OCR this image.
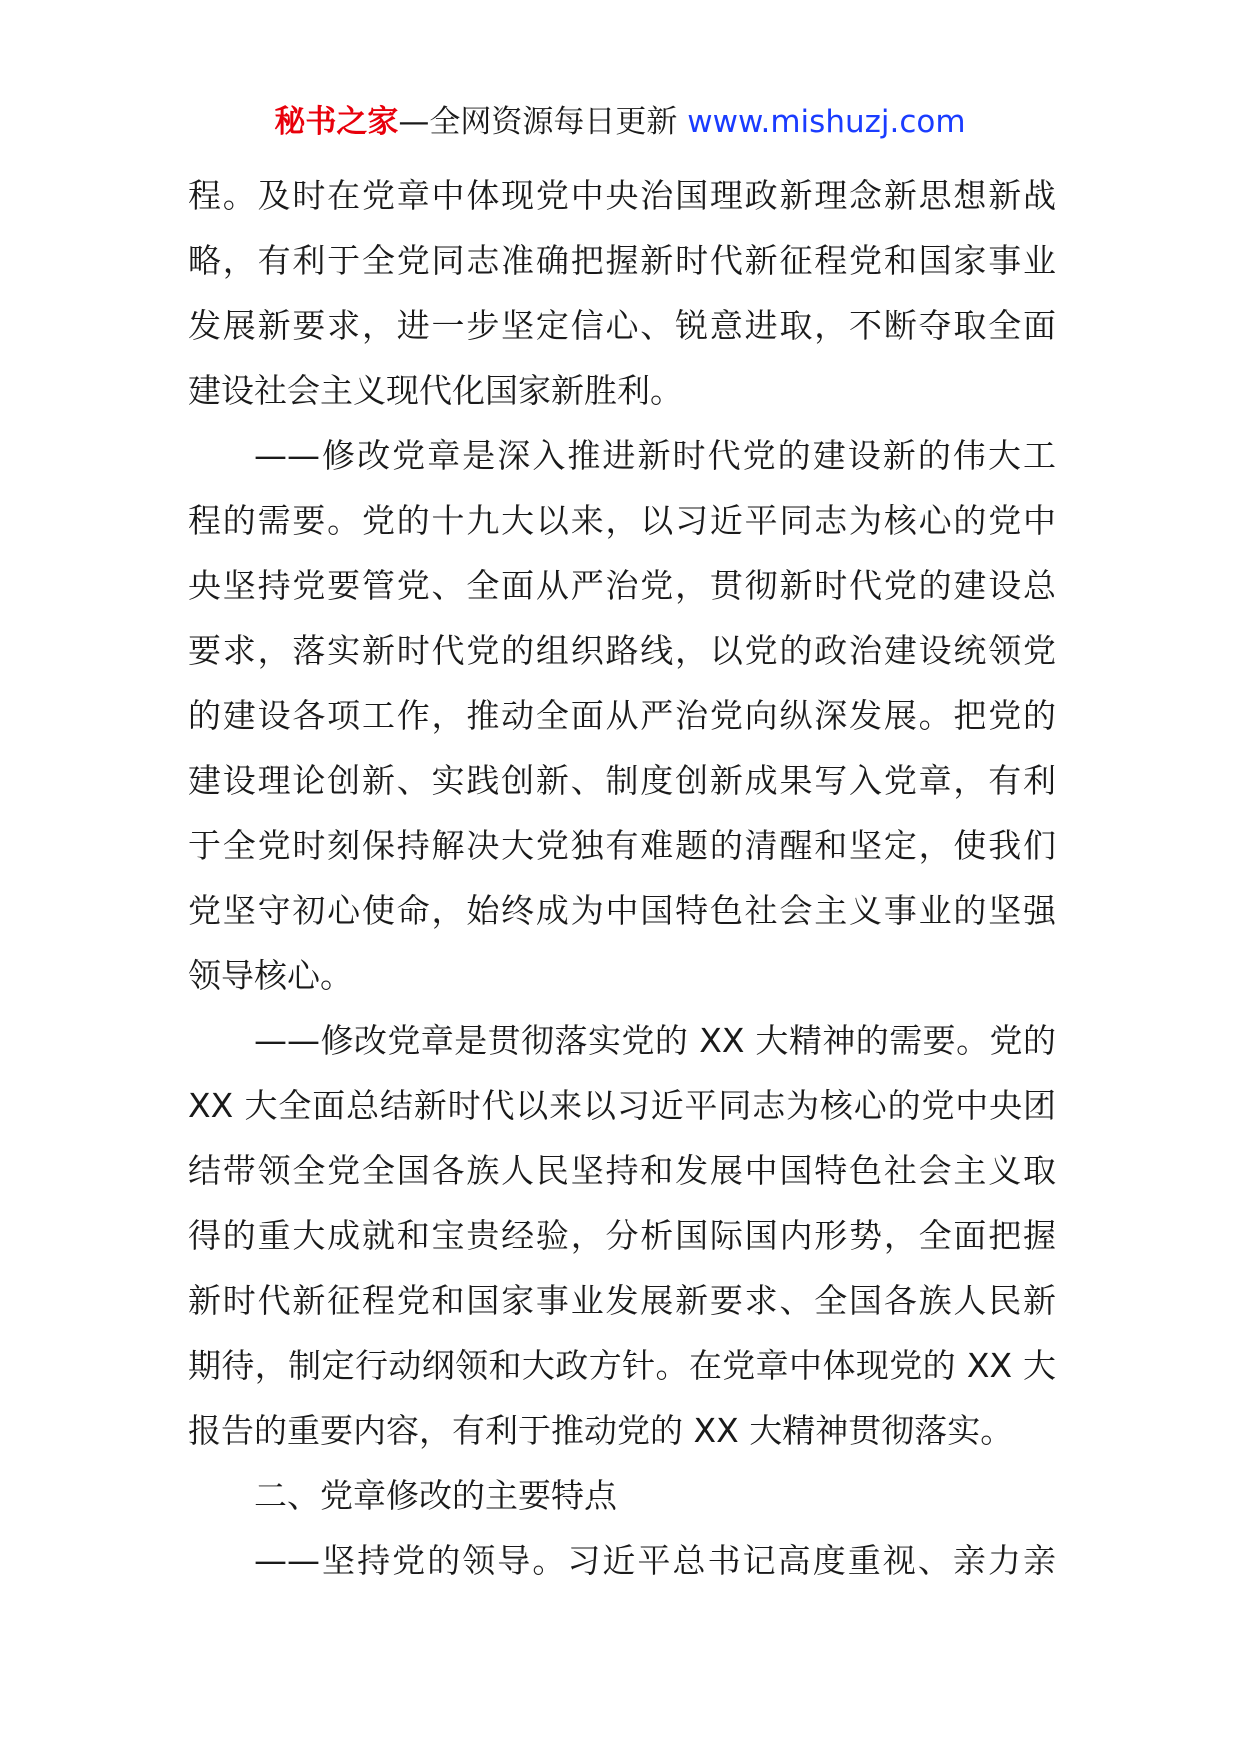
秘书之家—全网资源每日更新 www.mishuzj.com
程。及时在党章中体现党中央治国理政新理念新思想新战
略，有利于全党同志准确把握新时代新征程党和国家事业
发展新要求，进一步坚定信心、锐意进取，不断夺取全面
建设社会主义现代化国家新胜利。
——修改党章是深入推进新时代党的建设新的伟大工
程的需要。党的十九大以来，以习近平同志为核心的党中
央坚持党要管党、全面从严治党，贯彻新时代党的建设总
要求，落实新时代党的组织路线，以党的政治建设统领党
的建设各项工作，推动全面从严治党向纵深发展。把党的
建设理论创新、实践创新、制度创新成果写入党章，有利
于全党时刻保持解决大党独有难题的清醒和坚定，使我们
党坚守初心使命，始终成为中国特色社会主义事业的坚强
领导核心。
——修改党章是贯彻落实党的 XX 大精神的需要。党的
XX 大全面总结新时代以来以习近平同志为核心的党中央团
结带领全党全国各族人民坚持和发展中国特色社会主义取
得的重大成就和宝贵经验，分析国际国内形势，全面把握
新时代新征程党和国家事业发展新要求、全国各族人民新
期待，制定行动纲领和大政方针。在党章中体现党的 XX 大
报告的重要内容，有利于推动党的 XX 大精神贯彻落实。
二、党章修改的主要特点
——坚持党的领导。习近平总书记高度重视、亲力亲
